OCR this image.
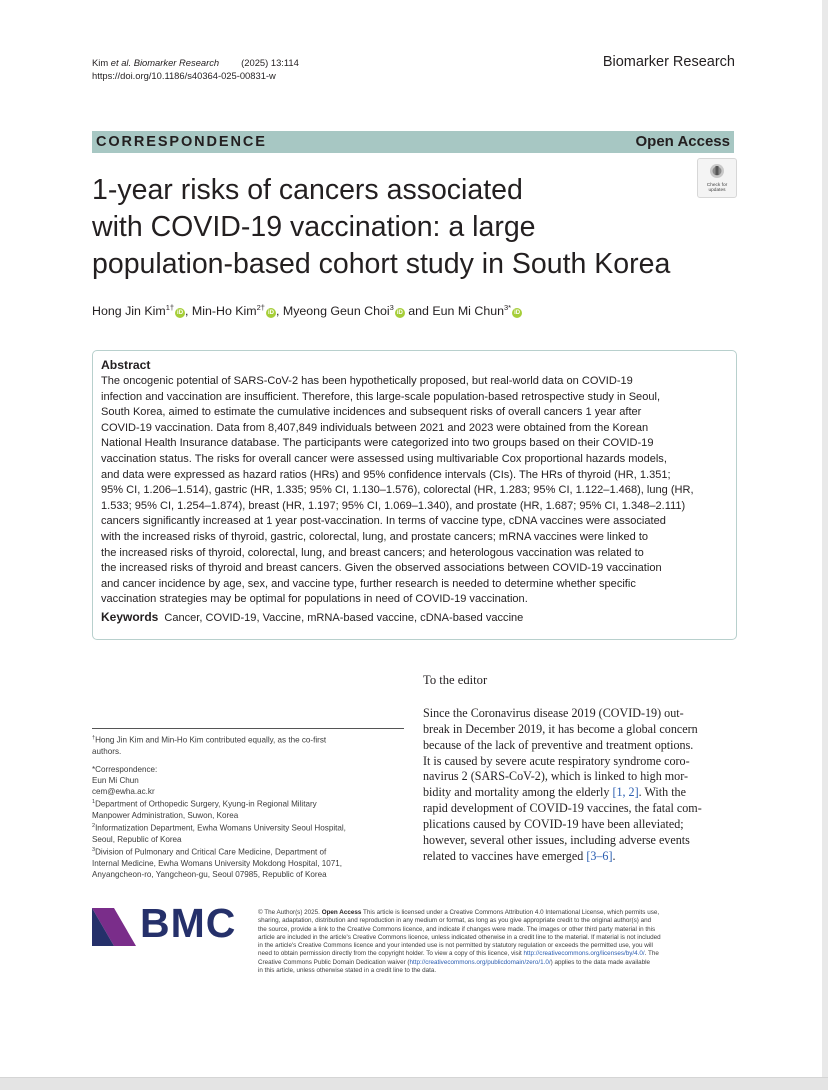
Kim et al. Biomarker Research (2025) 13:114
https://doi.org/10.1186/s40364-025-00831-w
Biomarker Research
CORRESPONDENCE	Open Access
Check for
updates
1-year risks of cancers associated
with COVID-19 vaccination: a large
population-based cohort study in South Korea
Hong Jin Kim$^{1\dagger}$iD , Min-Ho Kim$^{2\dagger}$iD , Myeong Geun Choi$^3$iD and Eun Mi Chun$^{3*}$iD
Abstract
The oncogenic potential of SARS-CoV-2 has been hypothetically proposed, but real-world data on COVID-19
infection and vaccination are insufficient. Therefore, this large-scale population-based retrospective study in Seoul,
South Korea, aimed to estimate the cumulative incidences and subsequent risks of overall cancers 1 year after
COVID-19 vaccination. Data from 8,407,849 individuals between 2021 and 2023 were obtained from the Korean
National Health Insurance database. The participants were categorized into two groups based on their COVID-19
vaccination status. The risks for overall cancer were assessed using multivariable Cox proportional hazards models,
and data were expressed as hazard ratios (HRs) and 95% confidence intervals (CIs). The HRs of thyroid (HR, 1.351;
95% CI, 1.206–1.514), gastric (HR, 1.335; 95% CI, 1.130–1.576), colorectal (HR, 1.283; 95% CI, 1.122–1.468), lung (HR,
1.533; 95% CI, 1.254–1.874), breast (HR, 1.197; 95% CI, 1.069–1.340), and prostate (HR, 1.687; 95% CI, 1.348–2.111)
cancers significantly increased at 1 year post-vaccination. In terms of vaccine type, cDNA vaccines were associated
with the increased risks of thyroid, gastric, colorectal, lung, and prostate cancers; mRNA vaccines were linked to
the increased risks of thyroid, colorectal, lung, and breast cancers; and heterologous vaccination was related to
the increased risks of thyroid and breast cancers. Given the observed associations between COVID-19 vaccination
and cancer incidence by age, sex, and vaccine type, further research is needed to determine whether specific
vaccination strategies may be optimal for populations in need of COVID-19 vaccination.
Keywords Cancer, COVID-19, Vaccine, mRNA-based vaccine, cDNA-based vaccine
To the editor
Since the Coronavirus disease 2019 (COVID-19) out-
break in December 2019, it has become a global concern
because of the lack of preventive and treatment options.
It is caused by severe acute respiratory syndrome coro-
navirus 2 (SARS-CoV-2), which is linked to high mor-
bidity and mortality among the elderly [1, 2]. With the
rapid development of COVID-19 vaccines, the fatal com-
plications caused by COVID-19 have been alleviated;
however, several other issues, including adverse events
related to vaccines have emerged
[3–6] .
†Hong Jin Kim and Min-Ho Kim contributed equally, as the co-first
authors.
*Correspondence:
Eun Mi Chun
cem@ewha.ac.kr
$^1$Department of Orthopedic Surgery, Kyung-in Regional Military
Manpower Administration, Suwon, Korea
$^2$Informatization Department, Ewha Womans University Seoul Hospital,
Seoul, Republic of Korea
$^3$Division of Pulmonary and Critical Care Medicine, Department of
Internal Medicine, Ewha Womans University Mokdong Hospital, 1071,
Anyangcheon-ro, Yangcheon-gu, Seoul 07985, Republic of Korea
BMC	© The Author(s) 2025. Open Access This article is licensed under a Creative Commons Attribution 4.0 International License, which permits use,
sharing, adaptation, distribution and reproduction in any medium or format, as long as you give appropriate credit to the original author(s) and
the source, provide a link to the Creative Commons licence, and indicate if changes were made. The images or other third party material in this
article are included in the article's Creative Commons licence, unless indicated otherwise in a credit line to the material. If material is not included
in the article's Creative Commons licence and your intended use is not permitted by statutory regulation or exceeds the permitted use, you will
need to obtain permission directly from the copyright holder. To view a copy of this licence, visit http://creativecommons.org/licenses/by/4.0/. The
Creative Commons Public Domain Dedication waiver (http://creativecommons.org/publicdomain/zero/1.0/) applies to the data made available
in this article, unless otherwise stated in a credit line to the data.
